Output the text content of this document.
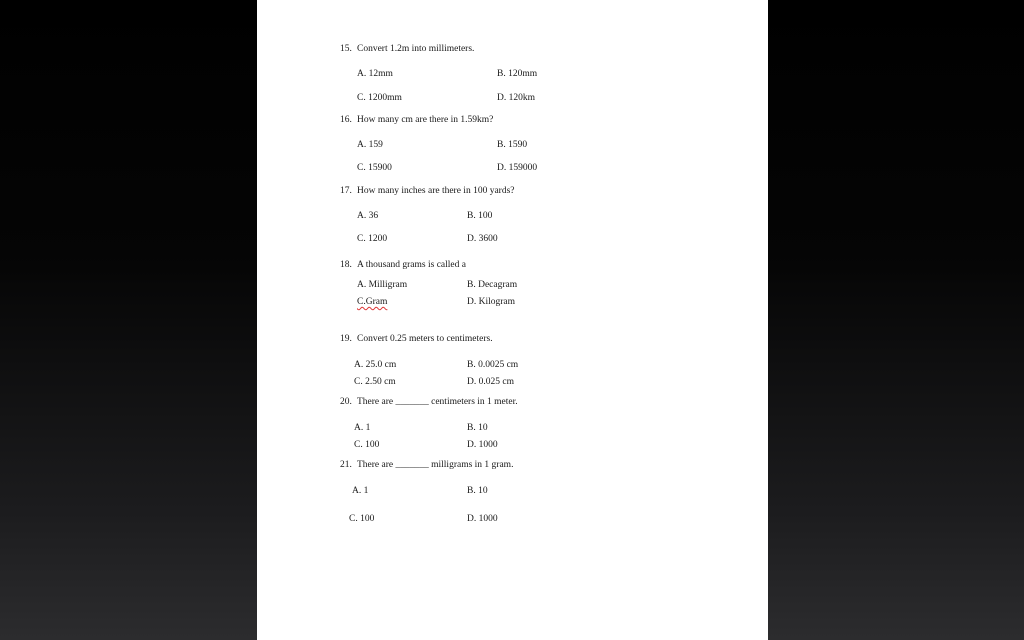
15. Convert 1.2m into millimeters.
A. 12mm	B. 120mm
C. 1200mm	D. 120km
16. How many cm are there in 1.59km?
A. 159	B. 1590
C. 15900	D. 159000
17. How many inches are there in 100 yards?
A. 36	B. 100
C. 1200	D. 3600
18. A thousand grams is called a
A. Milligram	B. Decagram
C.Gram	D. Kilogram
19. Convert 0.25 meters to centimeters.
A. 25.0 cm	B. 0.0025 cm
C. 2.50 cm	D. 0.025 cm
20. There are _______ centimeters in 1 meter.
A. 1	B. 10
C. 100	D. 1000
21. There are _______ milligrams in 1 gram.
A. 1	B. 10
C. 100	D. 1000
